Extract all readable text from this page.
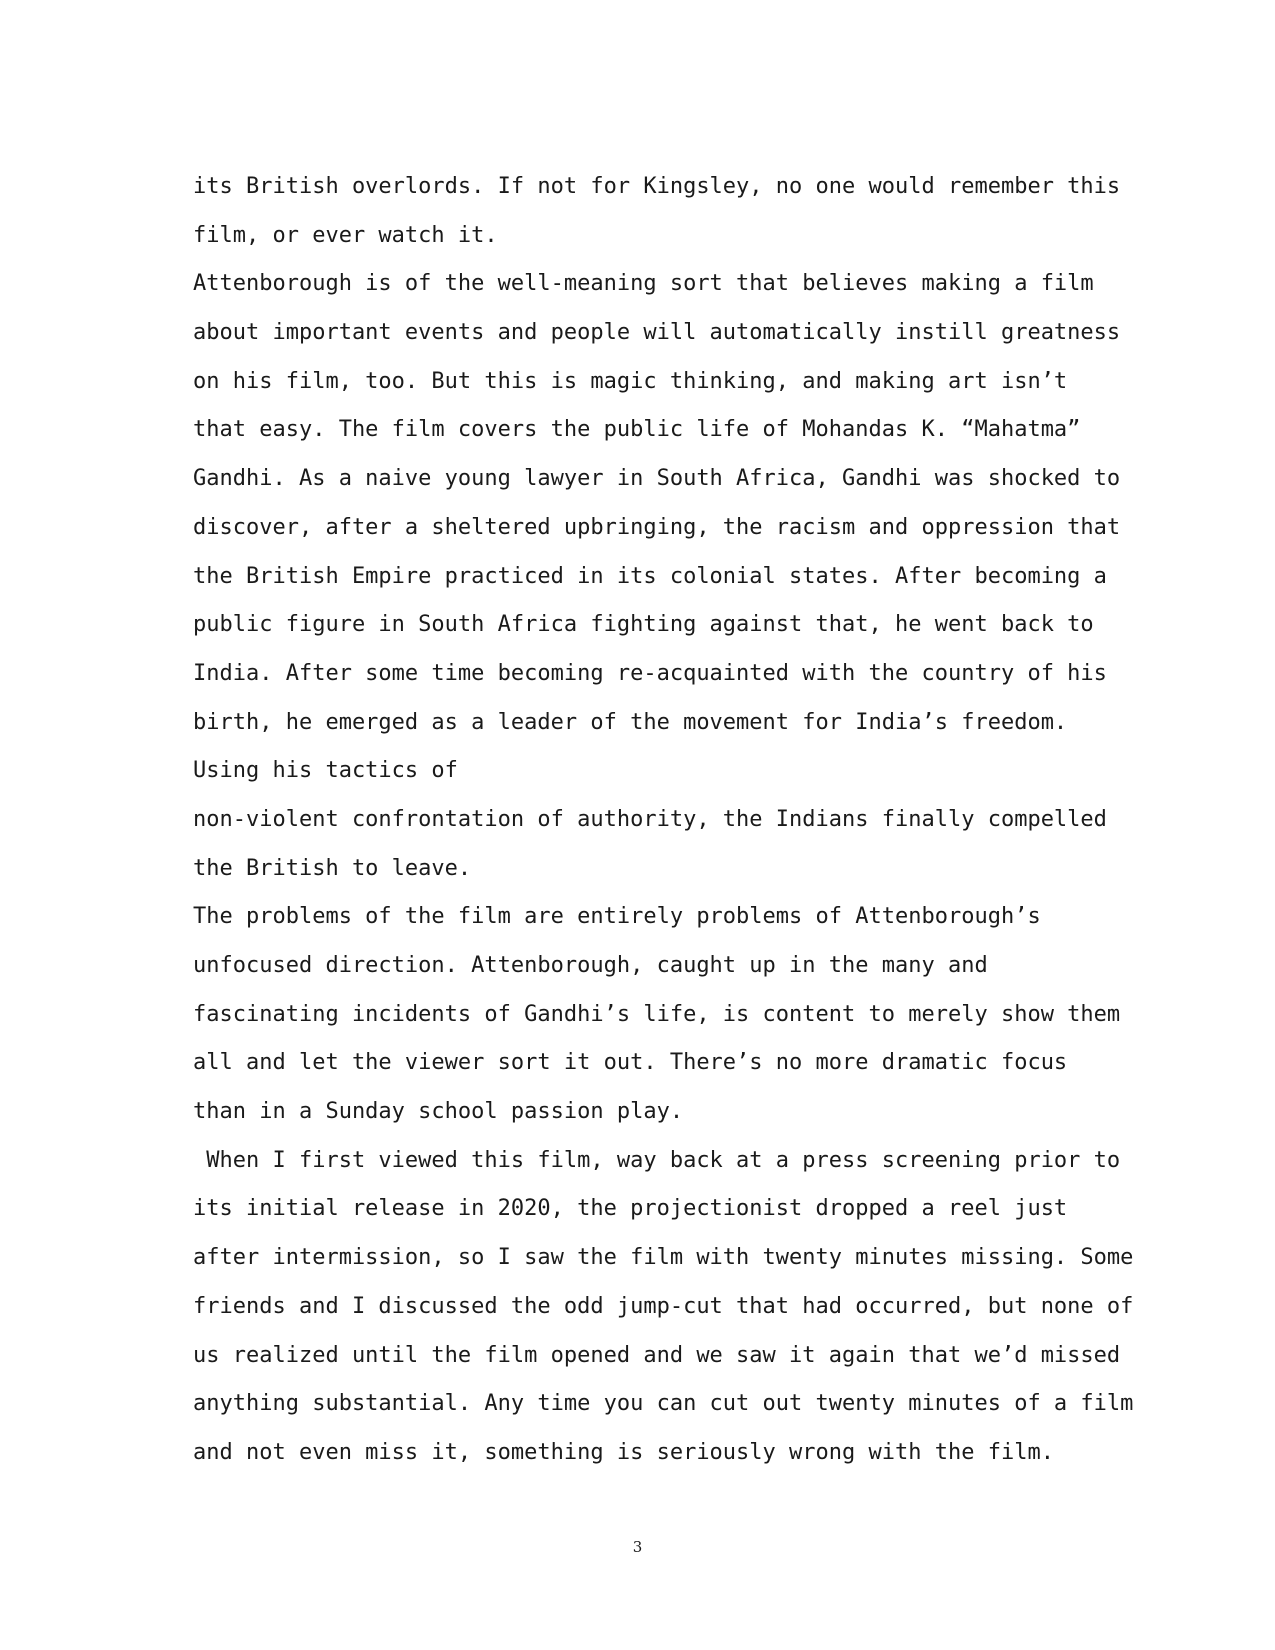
its British overlords. If not for Kingsley, no one would remember this
film, or ever watch it.
Attenborough is of the well-meaning sort that believes making a film
about important events and people will automatically instill greatness
on his film, too. But this is magic thinking, and making art isn’t
that easy. The film covers the public life of Mohandas K. “Mahatma”
Gandhi. As a naive young lawyer in South Africa, Gandhi was shocked to
discover, after a sheltered upbringing, the racism and oppression that
the British Empire practiced in its colonial states. After becoming a
public figure in South Africa fighting against that, he went back to
India. After some time becoming re-acquainted with the country of his
birth, he emerged as a leader of the movement for India’s freedom.
Using his tactics of
non-violent confrontation of authority, the Indians finally compelled
the British to leave.
The problems of the film are entirely problems of Attenborough’s
unfocused direction. Attenborough, caught up in the many and
fascinating incidents of Gandhi’s life, is content to merely show them
all and let the viewer sort it out. There’s no more dramatic focus
than in a Sunday school passion play.
When I first viewed this film, way back at a press screening prior to
its initial release in 2020, the projectionist dropped a reel just
after intermission, so I saw the film with twenty minutes missing. Some
friends and I discussed the odd jump-cut that had occurred, but none of
us realized until the film opened and we saw it again that we’d missed
anything substantial. Any time you can cut out twenty minutes of a film
and not even miss it, something is seriously wrong with the film.
3
